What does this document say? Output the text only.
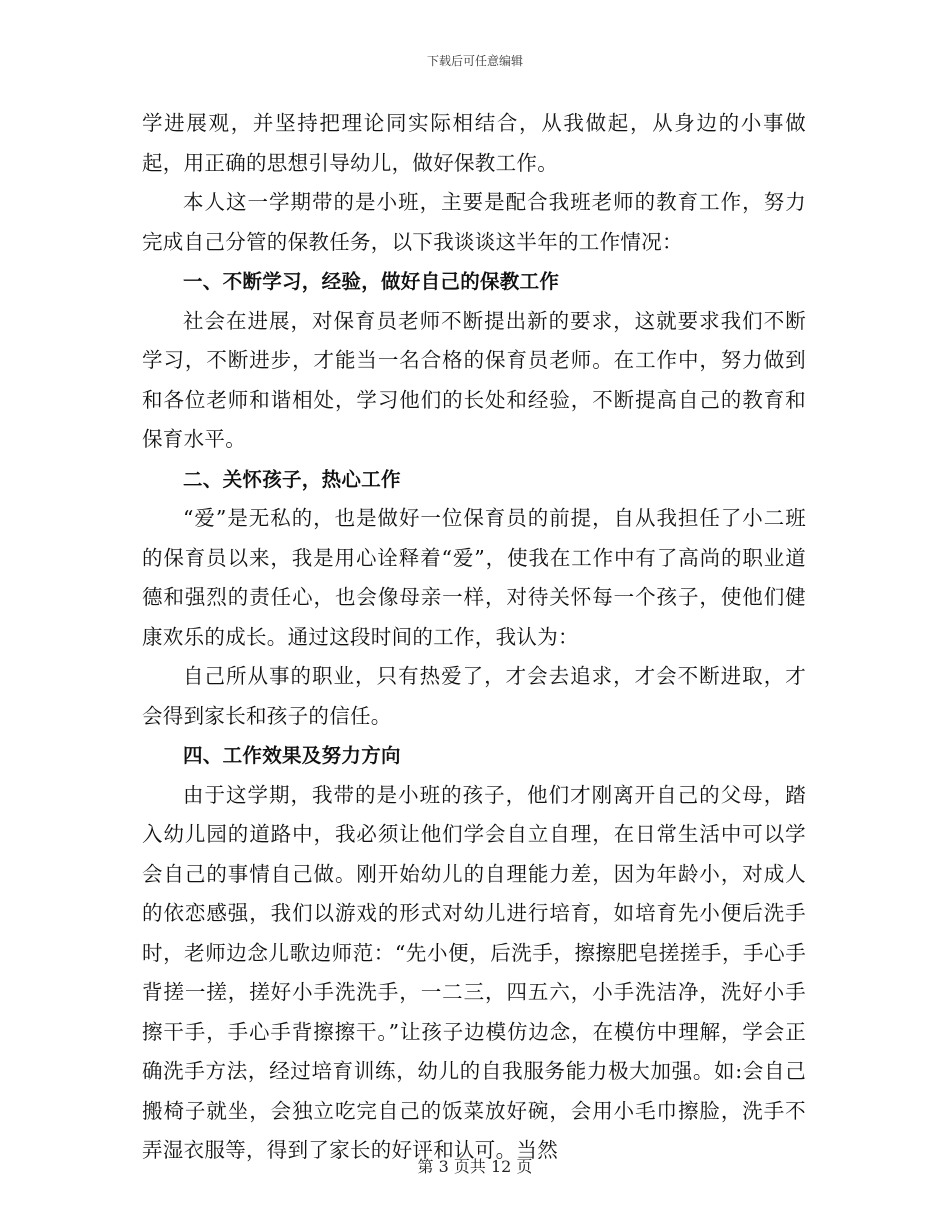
下载后可任意编辑

学进展观，并坚持把理论同实际相结合，从我做起，从身边的小事做起，用正确的思想引导幼儿，做好保教工作。

本人这一学期带的是小班，主要是配合我班老师的教育工作，努力完成自己分管的保教任务，以下我谈谈这半年的工作情况：

一、不断学习，经验，做好自己的保教工作

社会在进展，对保育员老师不断提出新的要求，这就要求我们不断学习，不断进步，才能当一名合格的保育员老师。在工作中，努力做到和各位老师和谐相处，学习他们的长处和经验，不断提高自己的教育和保育水平。

二、关怀孩子，热心工作

“爱”是无私的，也是做好一位保育员的前提，自从我担任了小二班的保育员以来，我是用心诠释着“爱”，使我在工作中有了高尚的职业道德和强烈的责任心，也会像母亲一样，对待关怀每一个孩子，使他们健康欢乐的成长。通过这段时间的工作，我认为：

自己所从事的职业，只有热爱了，才会去追求，才会不断进取，才会得到家长和孩子的信任。

四、工作效果及努力方向

由于这学期，我带的是小班的孩子，他们才刚离开自己的父母，踏入幼儿园的道路中，我必须让他们学会自立自理，在日常生活中可以学会自己的事情自己做。刚开始幼儿的自理能力差，因为年龄小，对成人的依恋感强，我们以游戏的形式对幼儿进行培育，如培育先小便后洗手时，老师边念儿歌边师范：“先小便，后洗手，擦擦肥皂搓搓手，手心手背搓一搓，搓好小手洗洗手，一二三，四五六，小手洗洁净，洗好小手擦干手，手心手背擦擦干。”让孩子边模仿边念，在模仿中理解，学会正确洗手方法，经过培育训练，幼儿的自我服务能力极大加强。如:会自己搬椅子就坐，会独立吃完自己的饭菜放好碗，会用小毛巾擦脸，洗手不弄湿衣服等，得到了家长的好评和认可。当然

第 3 页共 12 页
